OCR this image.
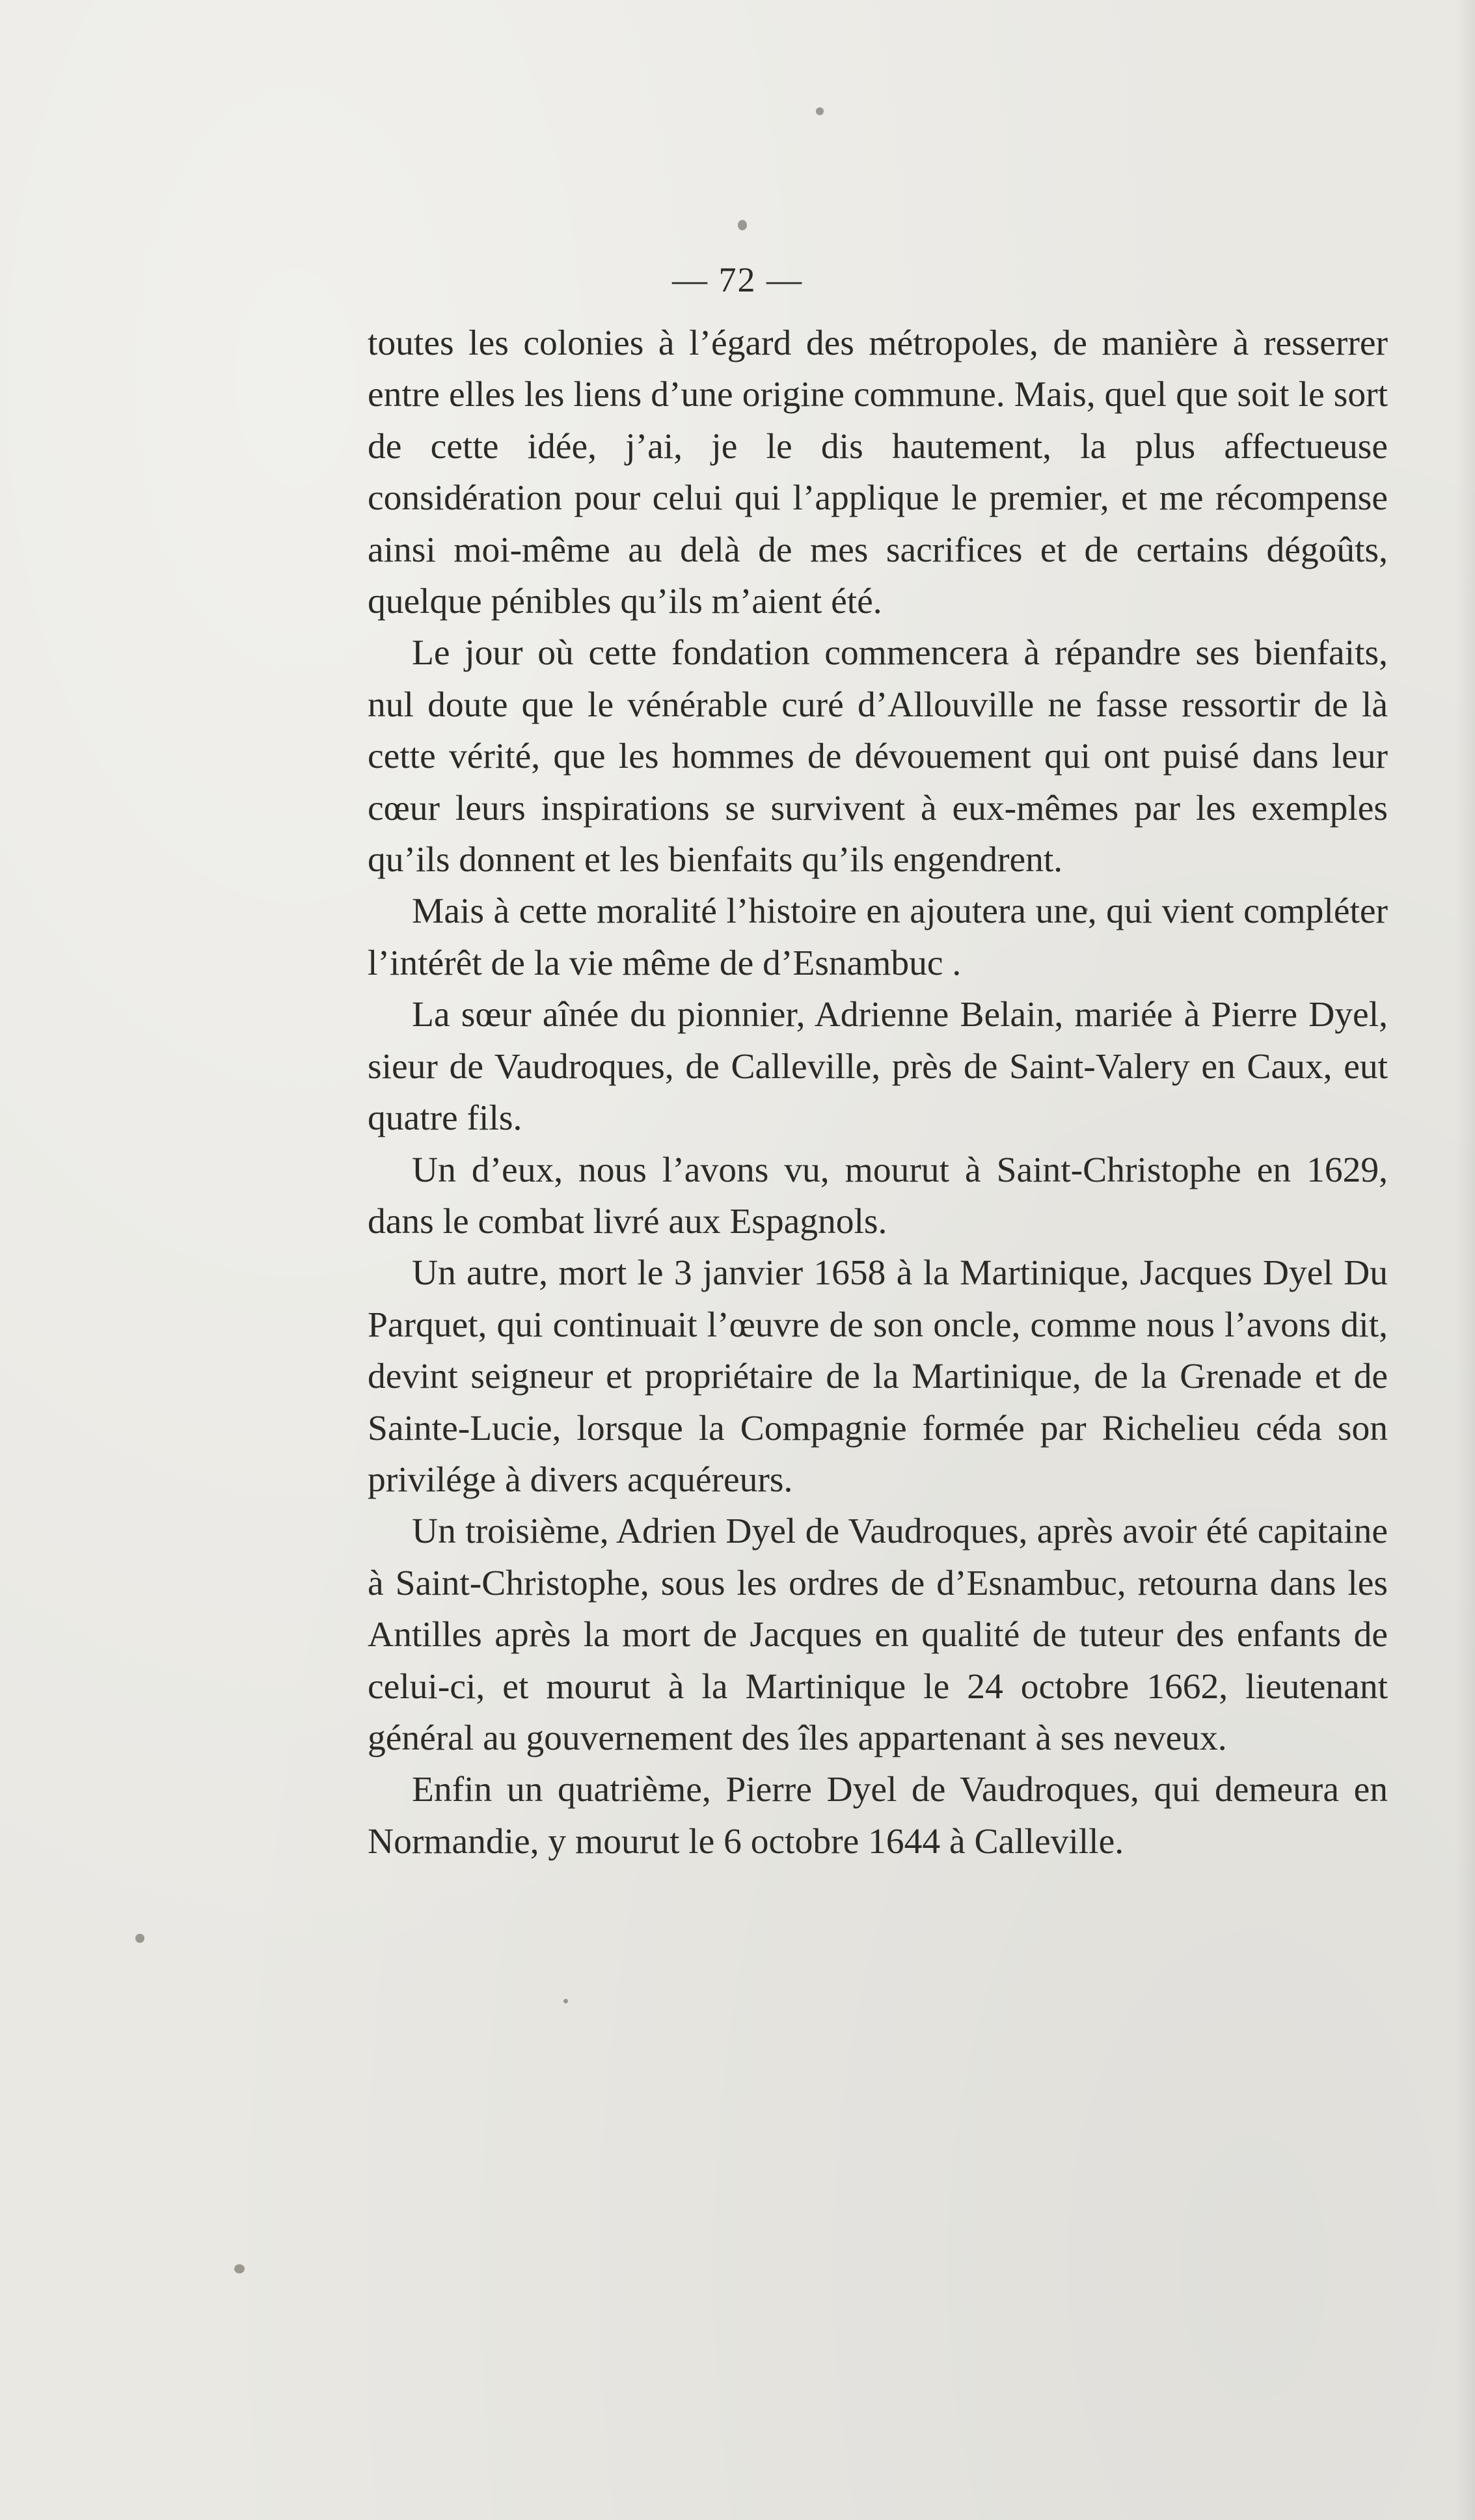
— 72 —

toutes les colonies à l’égard des métropoles, de manière à resserrer entre elles les liens d’une origine commune. Mais, quel que soit le sort de cette idée, j’ai, je le dis hautement, la plus affectueuse considération pour celui qui l’applique le premier, et me récompense ainsi moi-même au delà de mes sacrifices et de certains dégoûts, quelque pénibles qu’ils m’aient été.

Le jour où cette fondation commencera à répandre ses bienfaits, nul doute que le vénérable curé d’Allouville ne fasse ressortir de là cette vérité, que les hommes de dévouement qui ont puisé dans leur cœur leurs inspirations se survivent à eux-mêmes par les exemples qu’ils donnent et les bienfaits qu’ils engendrent.

Mais à cette moralité l’histoire en ajoutera une, qui vient compléter l’intérêt de la vie même de d’Esnambuc .

La sœur aînée du pionnier, Adrienne Belain, mariée à Pierre Dyel, sieur de Vaudroques, de Calleville, près de Saint-Valery en Caux, eut quatre fils.

Un d’eux, nous l’avons vu, mourut à Saint-Christophe en 1629, dans le combat livré aux Espagnols.

Un autre, mort le 3 janvier 1658 à la Martinique, Jacques Dyel Du Parquet, qui continuait l’œuvre de son oncle, comme nous l’avons dit, devint seigneur et propriétaire de la Martinique, de la Grenade et de Sainte-Lucie, lorsque la Compagnie formée par Richelieu céda son privilége à divers acquéreurs.

Un troisième, Adrien Dyel de Vaudroques, après avoir été capitaine à Saint-Christophe, sous les ordres de d’Esnambuc, retourna dans les Antilles après la mort de Jacques en qualité de tuteur des enfants de celui-ci, et mourut à la Martinique le 24 octobre 1662, lieutenant général au gouvernement des îles appartenant à ses neveux.

Enfin un quatrième, Pierre Dyel de Vaudroques, qui demeura en Normandie, y mourut le 6 octobre 1644 à Calleville.
